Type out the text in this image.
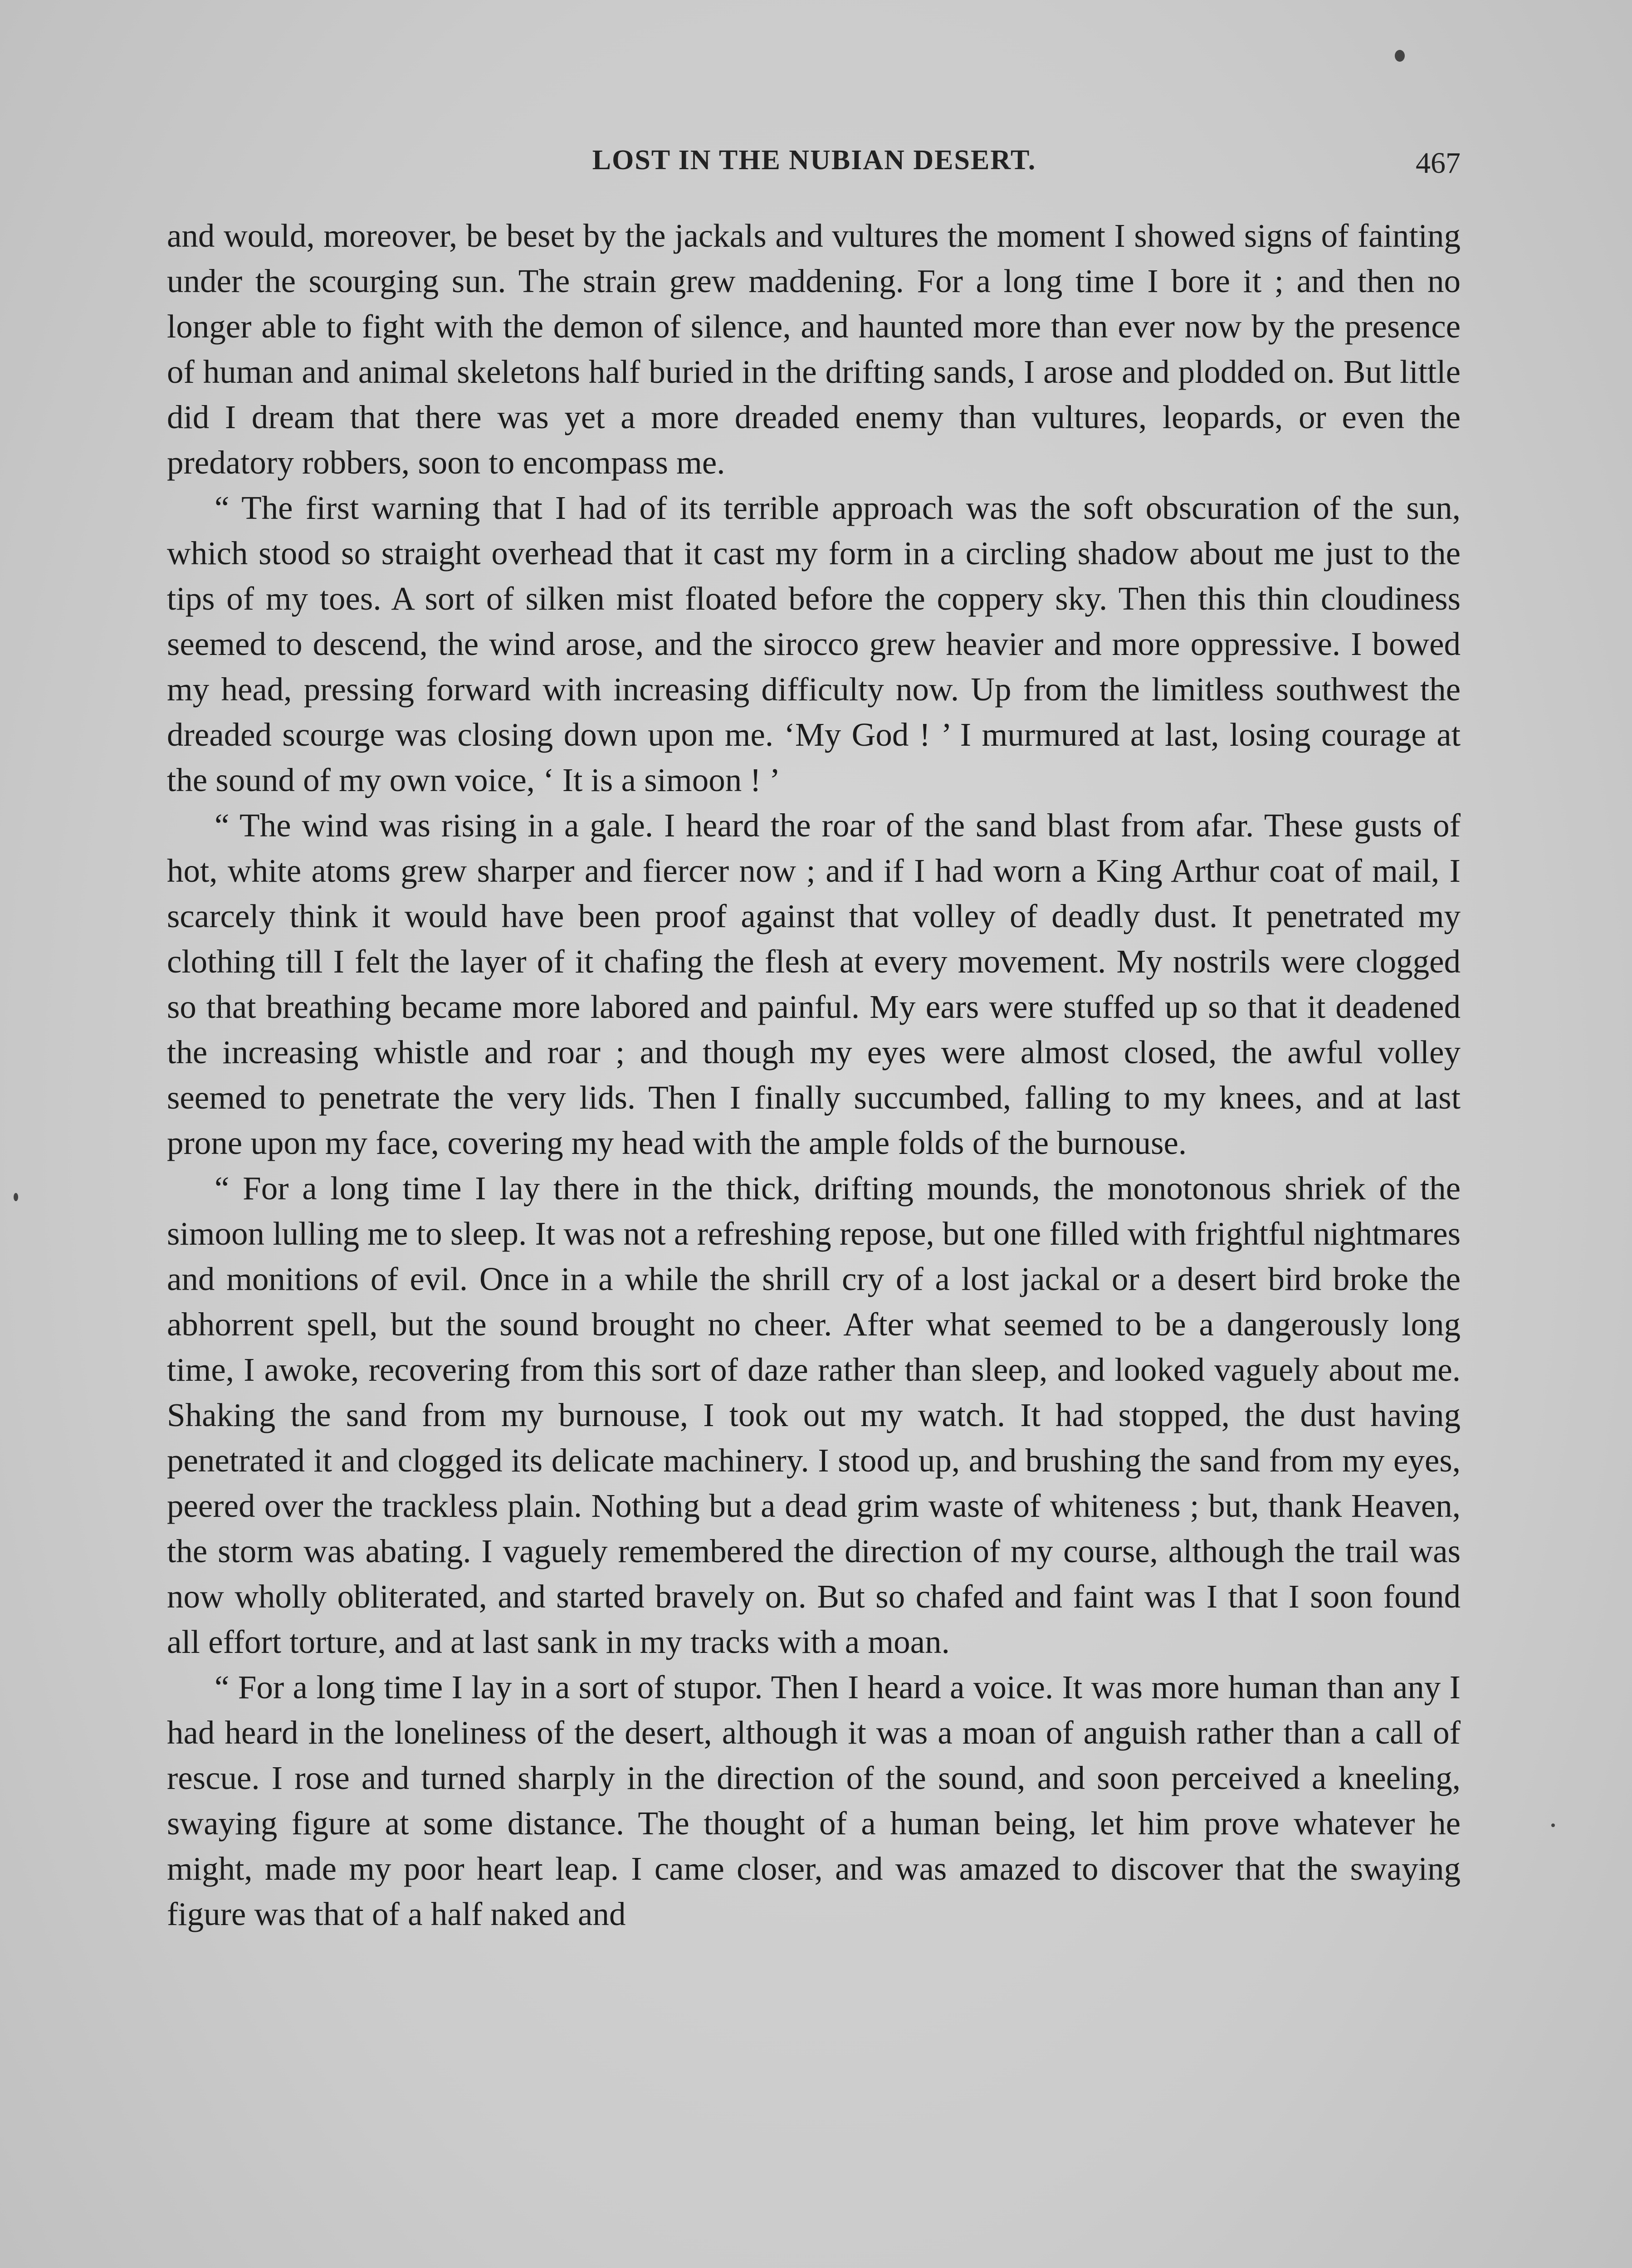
LOST IN THE NUBIAN DESERT.	467

and would, moreover, be beset by the jackals and vultures the moment I showed signs of fainting under the scourging sun. The strain grew maddening. For a long time I bore it ; and then no longer able to fight with the demon of silence, and haunted more than ever now by the presence of human and animal skeletons half buried in the drifting sands, I arose and plodded on. But little did I dream that there was yet a more dreaded enemy than vultures, leopards, or even the predatory robbers, soon to encompass me.

“ The first warning that I had of its terrible approach was the soft obscuration of the sun, which stood so straight overhead that it cast my form in a circling shadow about me just to the tips of my toes. A sort of silken mist floated before the coppery sky. Then this thin cloudiness seemed to descend, the wind arose, and the sirocco grew heavier and more oppressive. I bowed my head, pressing forward with increasing difficulty now. Up from the limitless southwest the dreaded scourge was closing down upon me. ‘My God ! ’ I murmured at last, losing courage at the sound of my own voice, ‘ It is a simoon ! ’

“ The wind was rising in a gale. I heard the roar of the sand blast from afar. These gusts of hot, white atoms grew sharper and fiercer now ; and if I had worn a King Arthur coat of mail, I scarcely think it would have been proof against that volley of deadly dust. It penetrated my clothing till I felt the layer of it chafing the flesh at every movement. My nostrils were clogged so that breathing became more labored and painful. My ears were stuffed up so that it deadened the increasing whistle and roar ; and though my eyes were almost closed, the awful volley seemed to penetrate the very lids. Then I finally succumbed, falling to my knees, and at last prone upon my face, covering my head with the ample folds of the burnouse.

“ For a long time I lay there in the thick, drifting mounds, the monotonous shriek of the simoon lulling me to sleep. It was not a refreshing repose, but one filled with frightful nightmares and monitions of evil. Once in a while the shrill cry of a lost jackal or a desert bird broke the abhorrent spell, but the sound brought no cheer. After what seemed to be a dangerously long time, I awoke, recovering from this sort of daze rather than sleep, and looked vaguely about me. Shaking the sand from my burnouse, I took out my watch. It had stopped, the dust having penetrated it and clogged its delicate machinery. I stood up, and brushing the sand from my eyes, peered over the trackless plain. Nothing but a dead grim waste of whiteness ; but, thank Heaven, the storm was abating. I vaguely remembered the direction of my course, although the trail was now wholly obliterated, and started bravely on. But so chafed and faint was I that I soon found all effort torture, and at last sank in my tracks with a moan.

“ For a long time I lay in a sort of stupor. Then I heard a voice. It was more human than any I had heard in the loneliness of the desert, although it was a moan of anguish rather than a call of rescue. I rose and turned sharply in the direction of the sound, and soon perceived a kneeling, swaying figure at some distance. The thought of a human being, let him prove whatever he might, made my poor heart leap. I came closer, and was amazed to discover that the swaying figure was that of a half naked and
